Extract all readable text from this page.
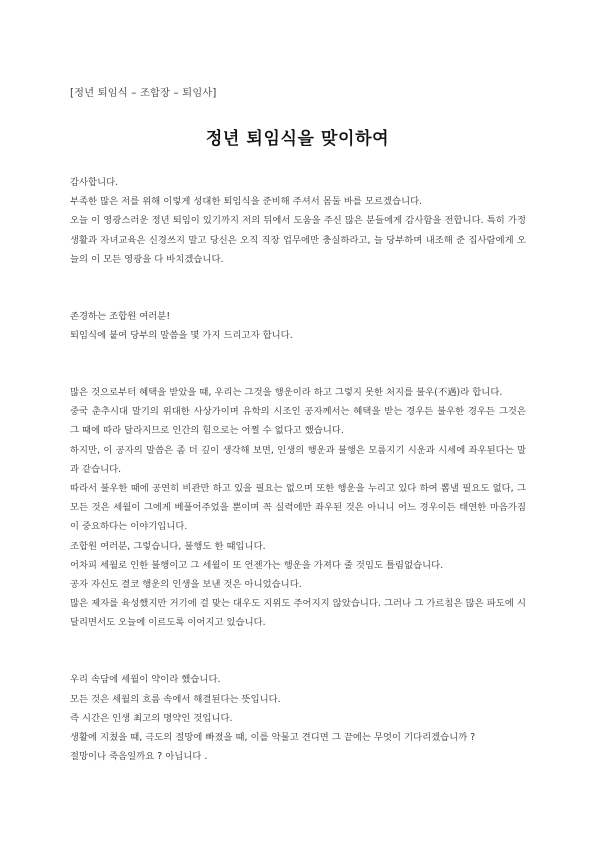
[정년 퇴임식 – 조합장 – 퇴임사]
정년 퇴임식을 맞이하여

감사합니다.

부족한 많은 저를 위해 이렇게 성대한 퇴임식을 준비해 주셔서 몸둘 바를 모르겠습니다.

오늘 이 영광스러운 정년 퇴임이 있기까지 저의 뒤에서 도움을 주신 많은 분들에게 감사함을 전합니다. 특히 가정생활과 자녀교육은 신경쓰지 말고 당신은 오직 직장 업무에만 충실하라고, 늘 당부하며 내조해 준 집사람에게 오늘의 이 모든 영광을 다 바치겠습니다.

존경하는 조합원 여러분!

퇴임식에 붙여 당부의 말씀을 몇 가지 드리고자 합니다.

많은 것으로부터 혜택을 받았을 때, 우리는 그것을 행운이라 하고 그렇지 못한 처지를 불우(不遇)라 합니다.

중국 춘추시대 말기의 위대한 사상가이며 유학의 시조인 공자께서는 혜택을 받는 경우든 불우한 경우든 그것은 그 때에 따라 달라지므로 인간의 힘으로는 어쩔 수 없다고 했습니다.

하지만, 이 공자의 말씀은 좀 더 깊이 생각해 보면, 인생의 행운과 불행은 모름지기 시운과 시세에 좌우된다는 말과 같습니다.

따라서 불우한 때에 공연히 비관만 하고 있을 필요는 없으며 또한 행운을 누리고 있다 하여 뽐낼 필요도 없다, 그 모든 것은 세월이 그에게 베풀어주었을 뿐이며 꼭 실력에만 좌우된 것은 아니니 어느 경우이든 태연한 마음가짐이 중요하다는 이야기입니다.

조합원 여러분, 그렇습니다, 불행도 한 때입니다.

어차피 세월로 인한 불행이고 그 세월이 또 언젠가는 행운을 가져다 줄 것임도 틀림없습니다.

공자 자신도 결코 행운의 인생을 보낸 것은 아니었습니다.

많은 제자를 육성했지만 거기에 걸 맞는 대우도 지위도 주어지지 않았습니다. 그러나 그 가르침은 많은 파도에 시달리면서도 오늘에 이르도록 이어지고 있습니다.

우리 속담에 세월이 약이라 했습니다.

모든 것은 세월의 흐름 속에서 해결된다는 뜻입니다.

즉 시간은 인생 최고의 명약인 것입니다.

생활에 지쳤을 때, 극도의 절망에 빠졌을 때, 이를 악물고 견디면 그 끝에는 무엇이 기다리겠습니까 ?

절망이나 죽음일까요 ? 아닙니다 .
